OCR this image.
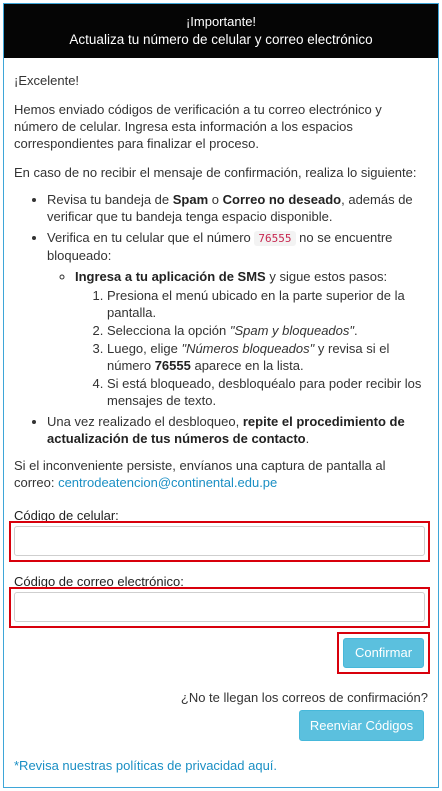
¡Importante!
Actualiza tu número de celular y correo electrónico

¡Excelente!

Hemos enviado códigos de verificación a tu correo electrónico y número de celular. Ingresa esta información a los espacios correspondientes para finalizar el proceso.

En caso de no recibir el mensaje de confirmación, realiza lo siguiente:

• Revisa tu bandeja de Spam o Correo no deseado, además de verificar que tu bandeja tenga espacio disponible.
• Verifica en tu celular que el número 76555 no se encuentre bloqueado:
◦ Ingresa a tu aplicación de SMS y sigue estos pasos:
1. Presiona el menú ubicado en la parte superior de la pantalla.
2. Selecciona la opción "Spam y bloqueados".
3. Luego, elige "Números bloqueados" y revisa si el número 76555 aparece en la lista.
4. Si está bloqueado, desbloquéalo para poder recibir los mensajes de texto.
• Una vez realizado el desbloqueo, repite el procedimiento de actualización de tus números de contacto.

Si el inconveniente persiste, envíanos una captura de pantalla al correo: centrodeatencion@continental.edu.pe

Código de celular:
Código de correo electrónico:
Confirmar
¿No te llegan los correos de confirmación?
Reenviar Códigos
*Revisa nuestras políticas de privacidad aquí.
